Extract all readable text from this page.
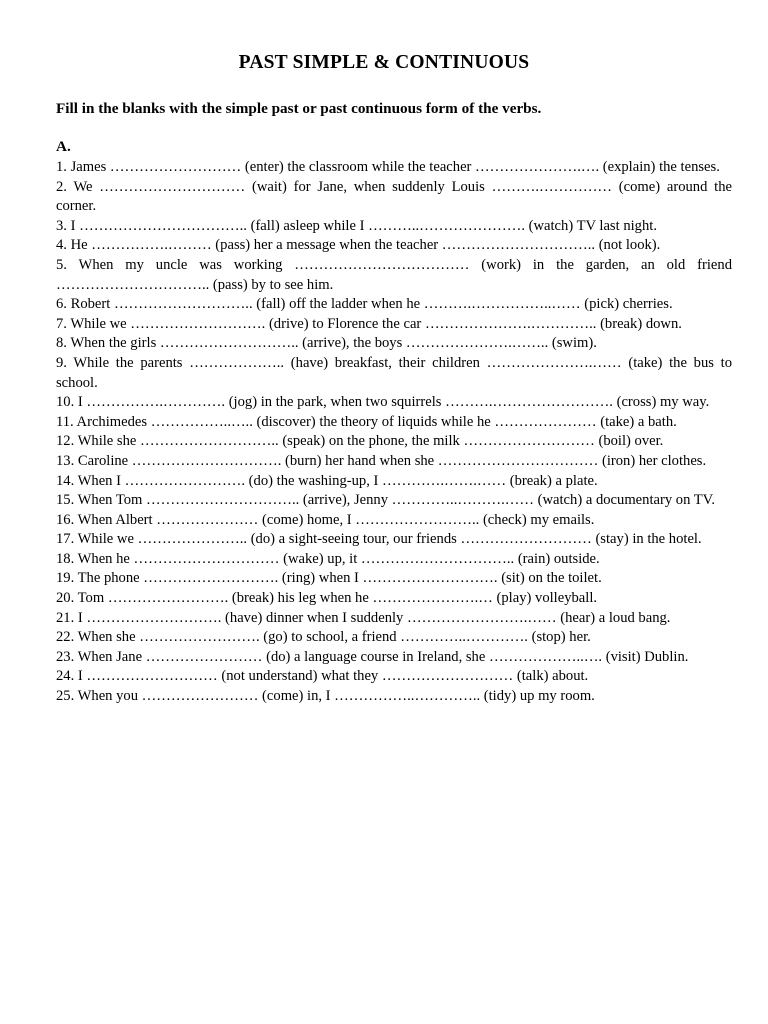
PAST SIMPLE & CONTINUOUS
Fill in the blanks with the simple past or past continuous form of the verbs.
A.
1. James ……………………… (enter) the classroom while the teacher ………………….…. (explain) the tenses.
2. We ………………………… (wait) for Jane, when suddenly Louis ……….…………… (come) around the corner.
3. I …………………………….. (fall) asleep while I ………..…………………. (watch) TV last night.
4. He …………….……… (pass) her a message when the teacher ………………………….. (not look).
5. When my uncle was working ……………………………… (work) in the garden, an old friend ………………………….. (pass) by to see him.
6. Robert ……………………….. (fall) off the ladder when he ……….……………..…… (pick) cherries.
7. While we ………………………. (drive) to Florence the car ………………….………….. (break) down.
8. When the girls ……………………….. (arrive), the boys ………………….…….. (swim).
9. While the parents ……………….. (have) breakfast, their children ………………….…… (take) the bus to school.
10. I …………….…………. (jog) in the park, when two squirrels ……….……………………. (cross) my way.
11. Archimedes ……………..….. (discover) the theory of liquids while he ………………… (take) a bath.
12. While she ……………………….. (speak) on the phone, the milk ……………………… (boil) over.
13. Caroline …………………………. (burn) her hand when she …………………………… (iron) her clothes.
14. When I ……………………. (do) the washing-up, I ………….…….…… (break) a plate.
15. When Tom ………………………….. (arrive), Jenny …………..……….…… (watch) a documentary on TV.
16. When Albert ………………… (come) home, I …………………….. (check) my emails.
17. While we ………………….. (do) a sight-seeing tour, our friends ……………………… (stay) in the hotel.
18. When he ………………………… (wake) up, it ………………………….. (rain) outside.
19. The phone ………………………. (ring) when I ………………………. (sit) on the toilet.
20. Tom ……………………. (break) his leg when he ………………….… (play) volleyball.
21. I ………………………. (have) dinner when I suddenly …………………….…… (hear) a loud bang.
22. When she ……………………. (go) to school, a friend …………..…………. (stop) her.
23. When Jane …………………… (do) a language course in Ireland, she ………………..…. (visit) Dublin.
24. I ……………………… (not understand) what they ……………………… (talk) about.
25. When you …………………… (come) in, I ……………..………….. (tidy) up my room.
